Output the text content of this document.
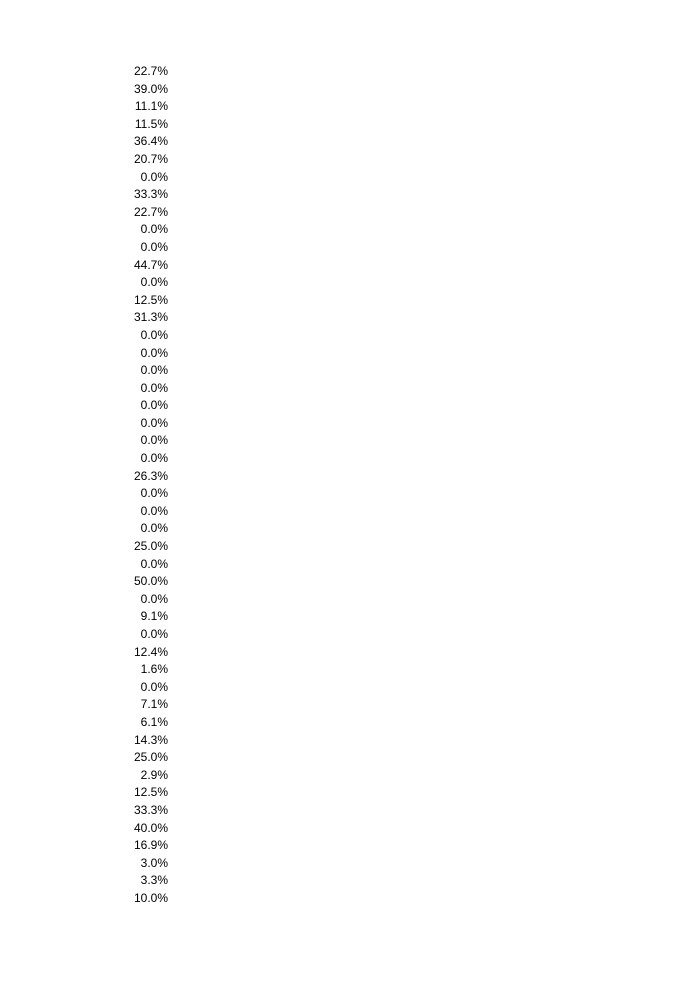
22.7%
39.0%
11.1%
11.5%
36.4%
20.7%
0.0%
33.3%
22.7%
0.0%
0.0%
44.7%
0.0%
12.5%
31.3%
0.0%
0.0%
0.0%
0.0%
0.0%
0.0%
0.0%
0.0%
26.3%
0.0%
0.0%
0.0%
25.0%
0.0%
50.0%
0.0%
9.1%
0.0%
12.4%
1.6%
0.0%
7.1%
6.1%
14.3%
25.0%
2.9%
12.5%
33.3%
40.0%
16.9%
3.0%
3.3%
10.0%
